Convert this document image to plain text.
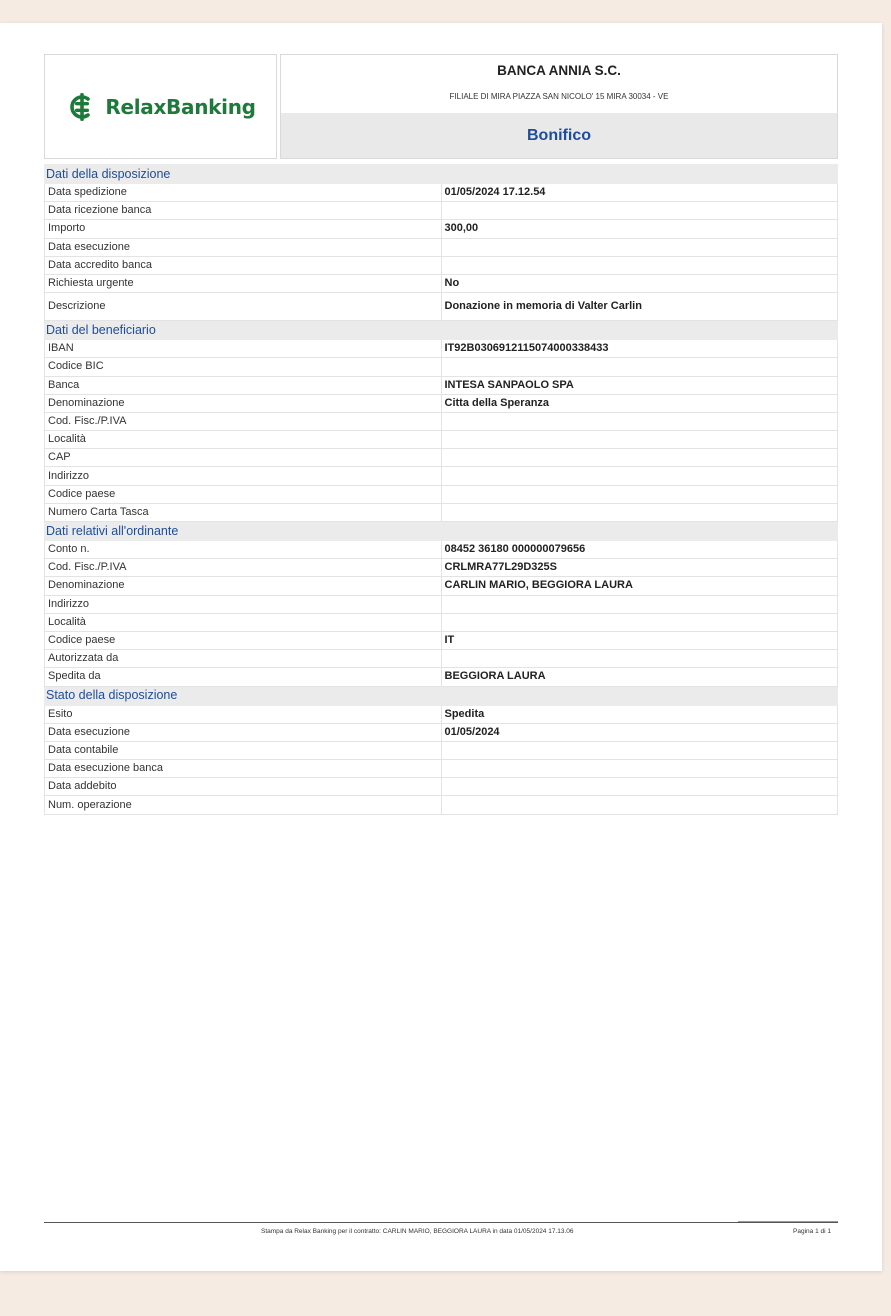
RelaxBanking
BANCA ANNIA S.C.
FILIALE DI MIRA PIAZZA SAN NICOLO' 15 MIRA 30034 - VE
Bonifico
Dati della disposizione	
Data spedizione	01/05/2024 17.12.54
Data ricezione banca	
Importo	300,00
Data esecuzione	
Data accredito banca	
Richiesta urgente	No
Descrizione	Donazione in memoria di Valter Carlin
Dati del beneficiario	
IBAN	IT92B0306912115074000338433
Codice BIC	
Banca	INTESA SANPAOLO SPA
Denominazione	Citta della Speranza
Cod. Fisc./P.IVA	
Località	
CAP	
Indirizzo	
Codice paese	
Numero Carta Tasca	
Dati relativi all'ordinante	
Conto n.	08452 36180 000000079656
Cod. Fisc./P.IVA	CRLMRA77L29D325S
Denominazione	CARLIN MARIO, BEGGIORA LAURA
Indirizzo	
Località	
Codice paese	IT
Autorizzata da	
Spedita da	BEGGIORA LAURA
Stato della disposizione	
Esito	Spedita
Data esecuzione	01/05/2024
Data contabile	
Data esecuzione banca	
Data addebito	
Num. operazione	
Stampa da Relax Banking per il contratto: CARLIN MARIO, BEGGIORA LAURA in data 01/05/2024 17.13.06	Pagina 1 di 1
